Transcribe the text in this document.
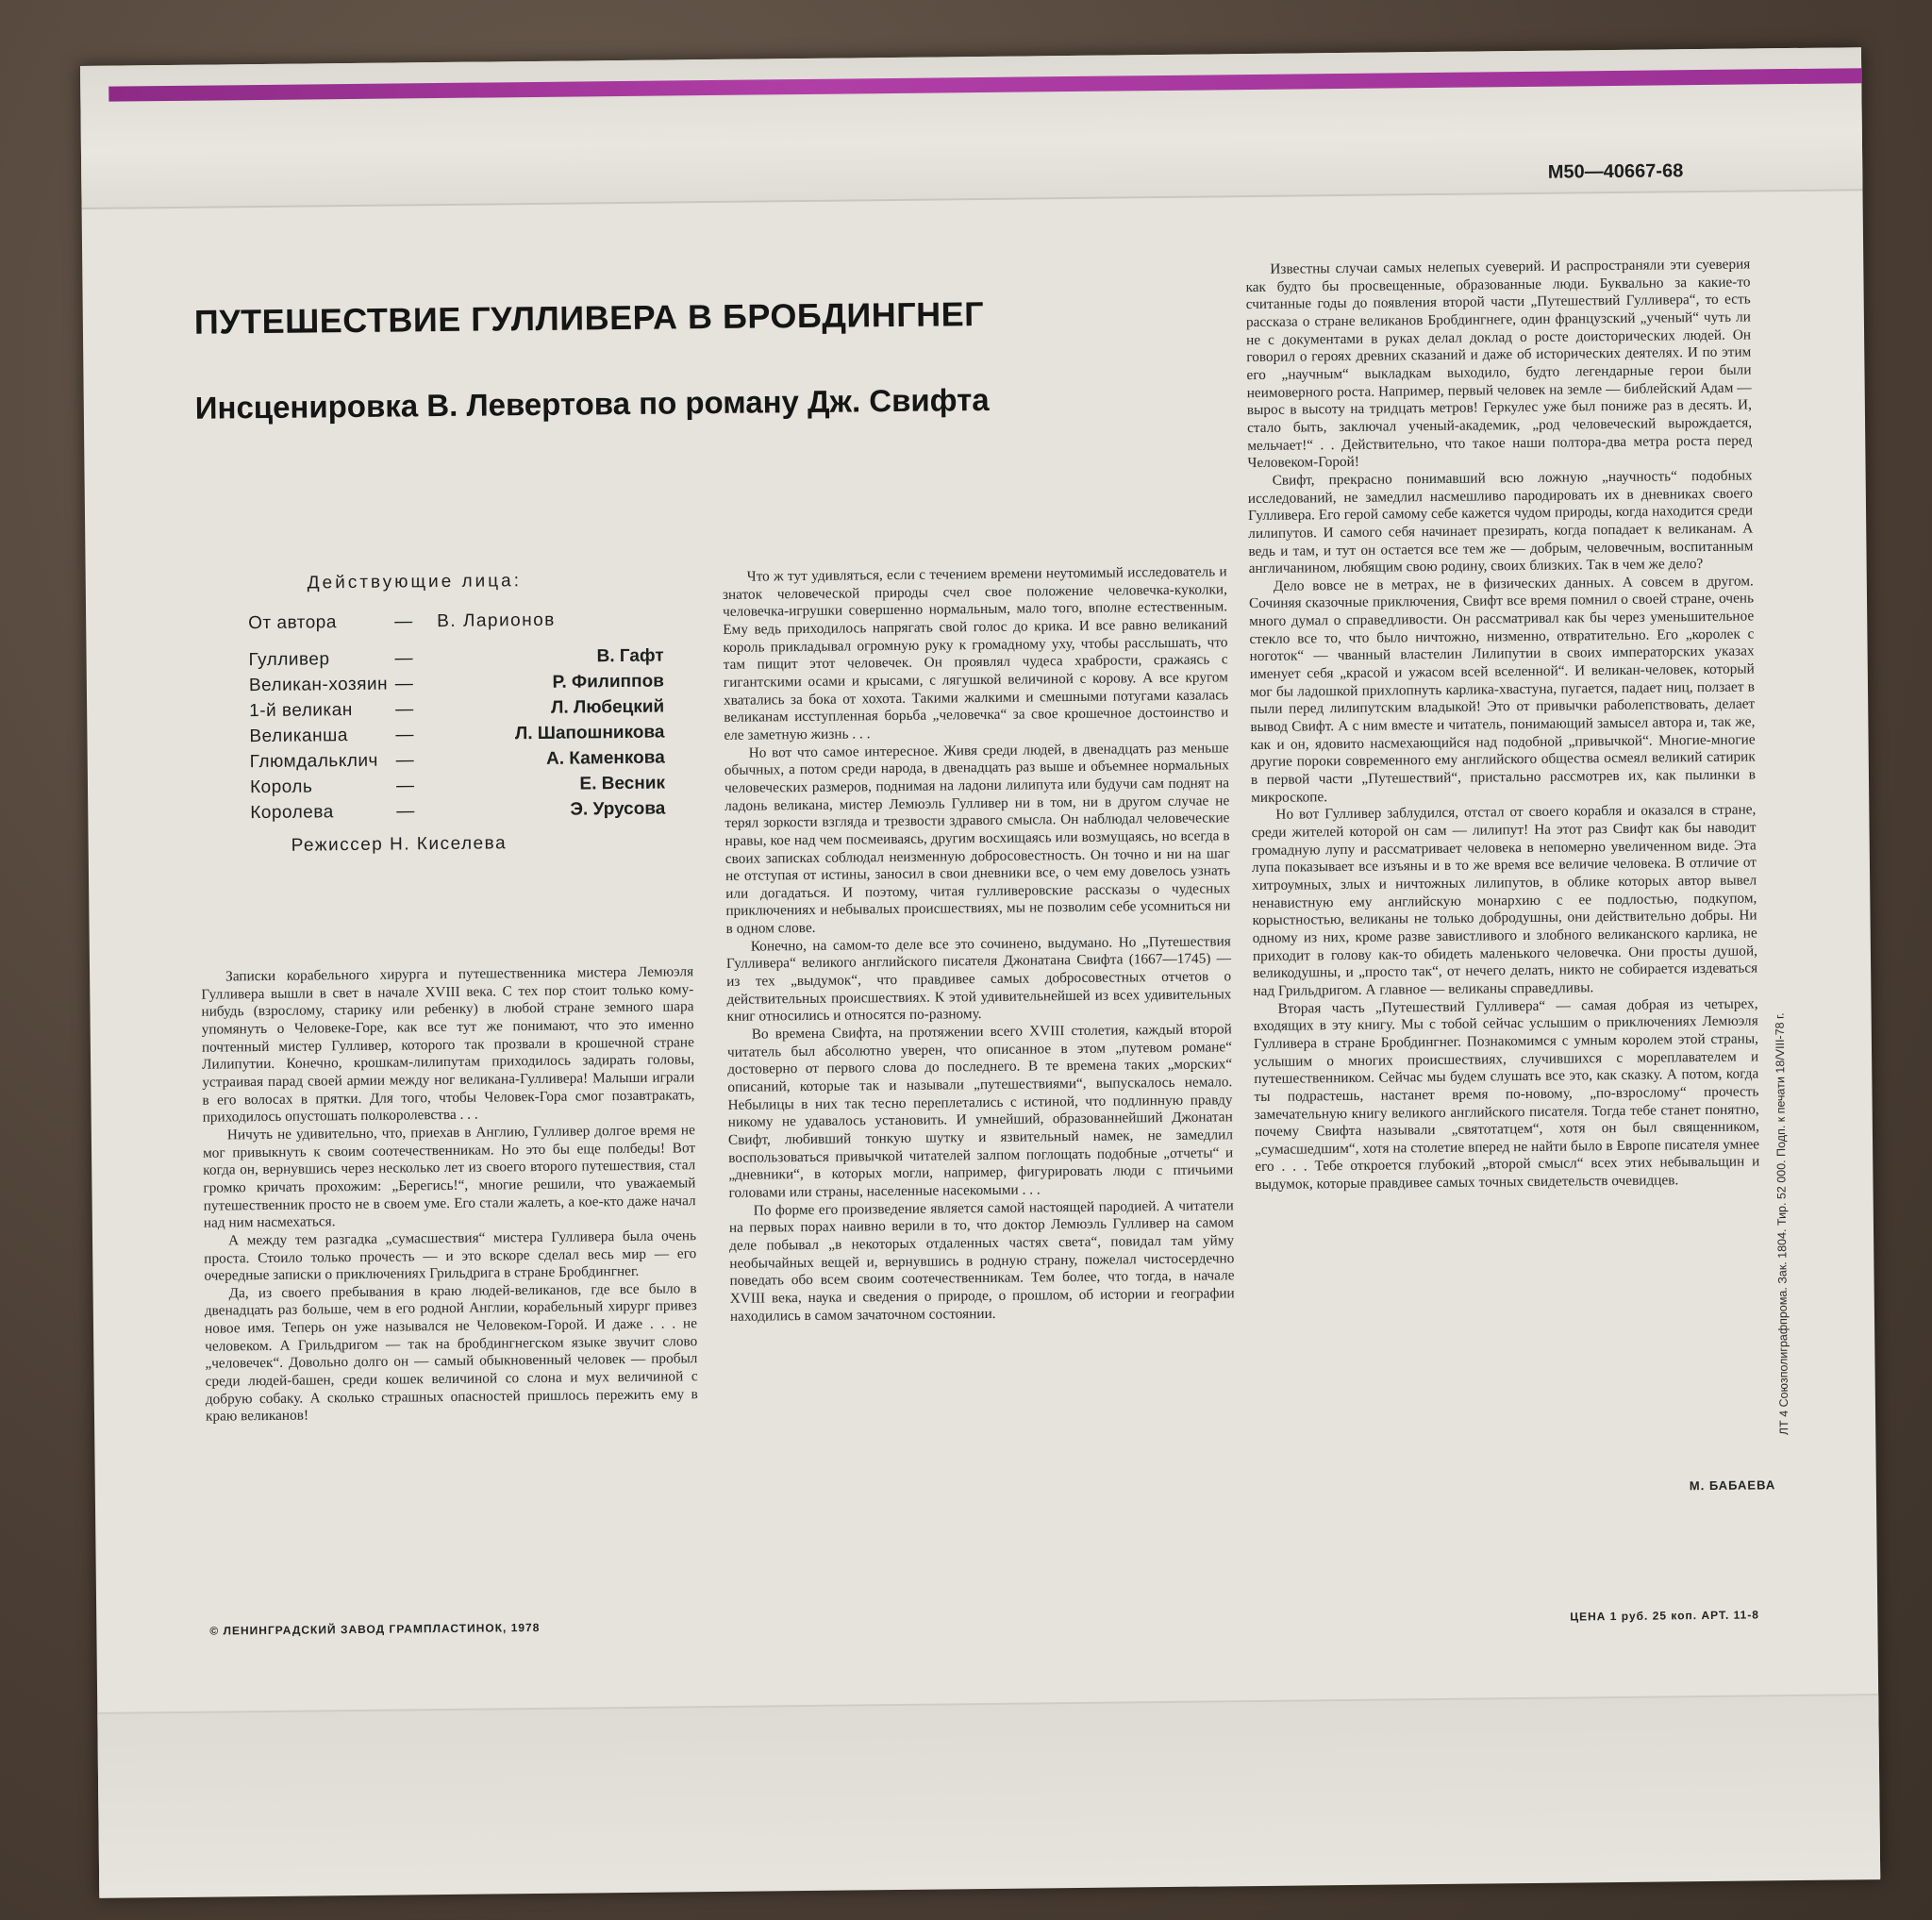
М50—40667-68
ПУТЕШЕСТВИЕ ГУЛЛИВЕРА В БРОБДИНГНЕГ
Инсценировка В. Левертова по роману Дж. Свифта
Действующие лица:
От автора	— В. Ларионов
Гулливер	—	В. Гафт
Великан-хозяин —	Р. Филиппов
1-й великан —	Л. Любецкий
Великанша	—	Л. Шапошникова
Глюмдальклич —	А. Каменкова
Король	—	Е. Весник
Королева	—	Э. Урусова
Режиссер Н. Киселева

Записки корабельного хирурга и путешественника мистера Лемюэля Гулливера вышли в свет в начале XVIII века. С тех пор стоит только кому-нибудь (взрослому, старику или ребенку) в любой стране земного шара упомянуть о Человеке-Горе, как все тут же понимают, что это именно почтенный мистер Гулливер, которого так прозвали в крошечной стране Лилипутии. Конечно, крошкам-лилипутам приходилось задирать головы, устраивая парад своей армии между ног великана-Гулливера! Малыши играли в его волосах в прятки. Для того, чтобы Человек-Гора смог позавтракать, приходилось опустошать полкоролевства . . .

Ничуть не удивительно, что, приехав в Англию, Гулливер долгое время не мог привыкнуть к своим соотечественникам. Но это бы еще полбеды! Вот когда он, вернувшись через несколько лет из своего второго путешествия, стал громко кричать прохожим: „Берегись!“, многие решили, что уважаемый путешественник просто не в своем уме. Его стали жалеть, а кое-кто даже начал над ним насмехаться.

А между тем разгадка „сумасшествия“ мистера Гулливера была очень проста. Стоило только прочесть — и это вскоре сделал весь мир — его очередные записки о приключениях Грильдрига в стране Бробдингнег.

Да, из своего пребывания в краю людей-великанов, где все было в двенадцать раз больше, чем в его родной Англии, корабельный хирург привез новое имя. Теперь он уже назывался не Человеком-Горой. И даже . . . не человеком. А Грильдригом — так на бробдингнегском языке звучит слово „человечек“. Довольно долго он — самый обыкновенный человек — пробыл среди людей-башен, среди кошек величиной со слона и мух величиной с добрую собаку. А сколько страшных опасностей пришлось пережить ему в краю великанов!

Что ж тут удивляться, если с течением времени неутомимый исследователь и знаток человеческой природы счел свое положение человечка-куколки, человечка-игрушки совершенно нормальным, мало того, вполне естественным. Ему ведь приходилось напрягать свой голос до крика. И все равно великаний король прикладывал огромную руку к громадному уху, чтобы расслышать, что там пищит этот человечек. Он проявлял чудеса храбрости, сражаясь с гигантскими осами и крысами, с лягушкой величиной с корову. А все кругом хватались за бока от хохота. Такими жалкими и смешными потугами казалась великанам исступленная борьба „человечка“ за свое крошечное достоинство и еле заметную жизнь . . .

Но вот что самое интересное. Живя среди людей, в двенадцать раз меньше обычных, а потом среди народа, в двенадцать раз выше и объемнее нормальных человеческих размеров, поднимая на ладони лилипута или будучи сам поднят на ладонь великана, мистер Лемюэль Гулливер ни в том, ни в другом случае не терял зоркости взгляда и трезвости здравого смысла. Он наблюдал человеческие нравы, кое над чем посмеиваясь, другим восхищаясь или возмущаясь, но всегда в своих записках соблюдал неизменную добросовестность. Он точно и ни на шаг не отступая от истины, заносил в свои дневники все, о чем ему довелось узнать или догадаться. И поэтому, читая гулливеровские рассказы о чудесных приключениях и небывалых происшествиях, мы не позволим себе усомниться ни в одном слове.

Конечно, на самом-то деле все это сочинено, выдумано. Но „Путешествия Гулливера“ великого английского писателя Джонатана Свифта (1667—1745) — из тех „выдумок“, что правдивее самых добросовестных отчетов о действительных происшествиях. К этой удивительнейшей из всех удивительных книг относились и относятся по-разному.

Во времена Свифта, на протяжении всего XVIII столетия, каждый второй читатель был абсолютно уверен, что описанное в этом „путевом романе“ достоверно от первого слова до последнего. В те времена таких „морских“ описаний, которые так и называли „путешествиями“, выпускалось немало. Небылицы в них так тесно переплетались с истиной, что подлинную правду никому не удавалось установить. И умнейший, образованнейший Джонатан Свифт, любивший тонкую шутку и язвительный намек, не замедлил воспользоваться привычкой читателей залпом поглощать подобные „отчеты“ и „дневники“, в которых могли, например, фигурировать люди с птичьими головами или страны, населенные насекомыми . . .

По форме его произведение является самой настоящей пародией. А читатели на первых порах наивно верили в то, что доктор Лемюэль Гулливер на самом деле побывал „в некоторых отдаленных частях света“, повидал там уйму необычайных вещей и, вернувшись в родную страну, пожелал чистосердечно поведать обо всем своим соотечественникам. Тем более, что тогда, в начале XVIII века, наука и сведения о природе, о прошлом, об истории и географии находились в самом зачаточном состоянии.

Известны случаи самых нелепых суеверий. И распространяли эти суеверия как будто бы просвещенные, образованные люди. Буквально за какие-то считанные годы до появления второй части „Путешествий Гулливера“, то есть рассказа о стране великанов Бробдингнеге, один французский „ученый“ чуть ли не с документами в руках делал доклад о росте доисторических людей. Он говорил о героях древних сказаний и даже об исторических деятелях. И по этим его „научным“ выкладкам выходило, будто легендарные герои были неимоверного роста. Например, первый человек на земле — библейский Адам — вырос в высоту на тридцать метров! Геркулес уже был пониже раз в десять. И, стало быть, заключал ученый-академик, „род человеческий вырождается, мельчает!“ . . Действительно, что такое наши полтора-два метра роста перед Человеком-Горой!

Свифт, прекрасно понимавший всю ложную „научность“ подобных исследований, не замедлил насмешливо пародировать их в дневниках своего Гулливера. Его герой самому себе кажется чудом природы, когда находится среди лилипутов. И самого себя начинает презирать, когда попадает к великанам. А ведь и там, и тут он остается все тем же — добрым, человечным, воспитанным англичанином, любящим свою родину, своих близких. Так в чем же дело?

Дело вовсе не в метрах, не в физических данных. А совсем в другом. Сочиняя сказочные приключения, Свифт все время помнил о своей стране, очень много думал о справедливости. Он рассматривал как бы через уменьшительное стекло все то, что было ничтожно, низменно, отвратительно. Его „королек с ноготок“ — чванный властелин Лилипутии в своих императорских указах именует себя „красой и ужасом всей вселенной“. И великан-человек, который мог бы ладошкой прихлопнуть карлика-хвастуна, пугается, падает ниц, ползает в пыли перед лилипутским владыкой! Это от привычки раболепствовать, делает вывод Свифт. А с ним вместе и читатель, понимающий замысел автора и, так же, как и он, ядовито насмехающийся над подобной „привычкой“. Многие-многие другие пороки современного ему английского общества осмеял великий сатирик в первой части „Путешествий“, пристально рассмотрев их, как пылинки в микроскопе.

Но вот Гулливер заблудился, отстал от своего корабля и оказался в стране, среди жителей которой он сам — лилипут! На этот раз Свифт как бы наводит громадную лупу и рассматривает человека в непомерно увеличенном виде. Эта лупа показывает все изъяны и в то же время все величие человека. В отличие от хитроумных, злых и ничтожных лилипутов, в облике которых автор вывел ненавистную ему английскую монархию с ее подлостью, подкупом, корыстностью, великаны не только добродушны, они действительно добры. Ни одному из них, кроме разве завистливого и злобного великанского карлика, не приходит в голову как-то обидеть маленького человечка. Они просты душой, великодушны, и „просто так“, от нечего делать, никто не собирается издеваться над Грильдригом. А главное — великаны справедливы.

Вторая часть „Путешествий Гулливера“ — самая добрая из четырех, входящих в эту книгу. Мы с тобой сейчас услышим о приключениях Лемюэля Гулливера в стране Бробдингнег. Познакомимся с умным королем этой страны, услышим о многих происшествиях, случившихся с мореплавателем и путешественником. Сейчас мы будем слушать все это, как сказку. А потом, когда ты подрастешь, настанет время по-новому, „по-взрослому“ прочесть замечательную книгу великого английского писателя. Тогда тебе станет понятно, почему Свифта называли „святотатцем“, хотя он был священником, „сумасшедшим“, хотя на столетие вперед не найти было в Европе писателя умнее его . . . Тебе откроется глубокий „второй смысл“ всех этих небывальщин и выдумок, которые правдивее самых точных свидетельств очевидцев.

М. БАБАЕВА
ЛТ 4 Союзполиграфпрома. Зак. 1804. Тир. 52 000. Подп. к печати 18/VIII-78 г.
© ЛЕНИНГРАДСКИЙ ЗАВОД ГРАМПЛАСТИНОК, 1978
ЦЕНА 1 руб. 25 коп. АРТ. 11-8
